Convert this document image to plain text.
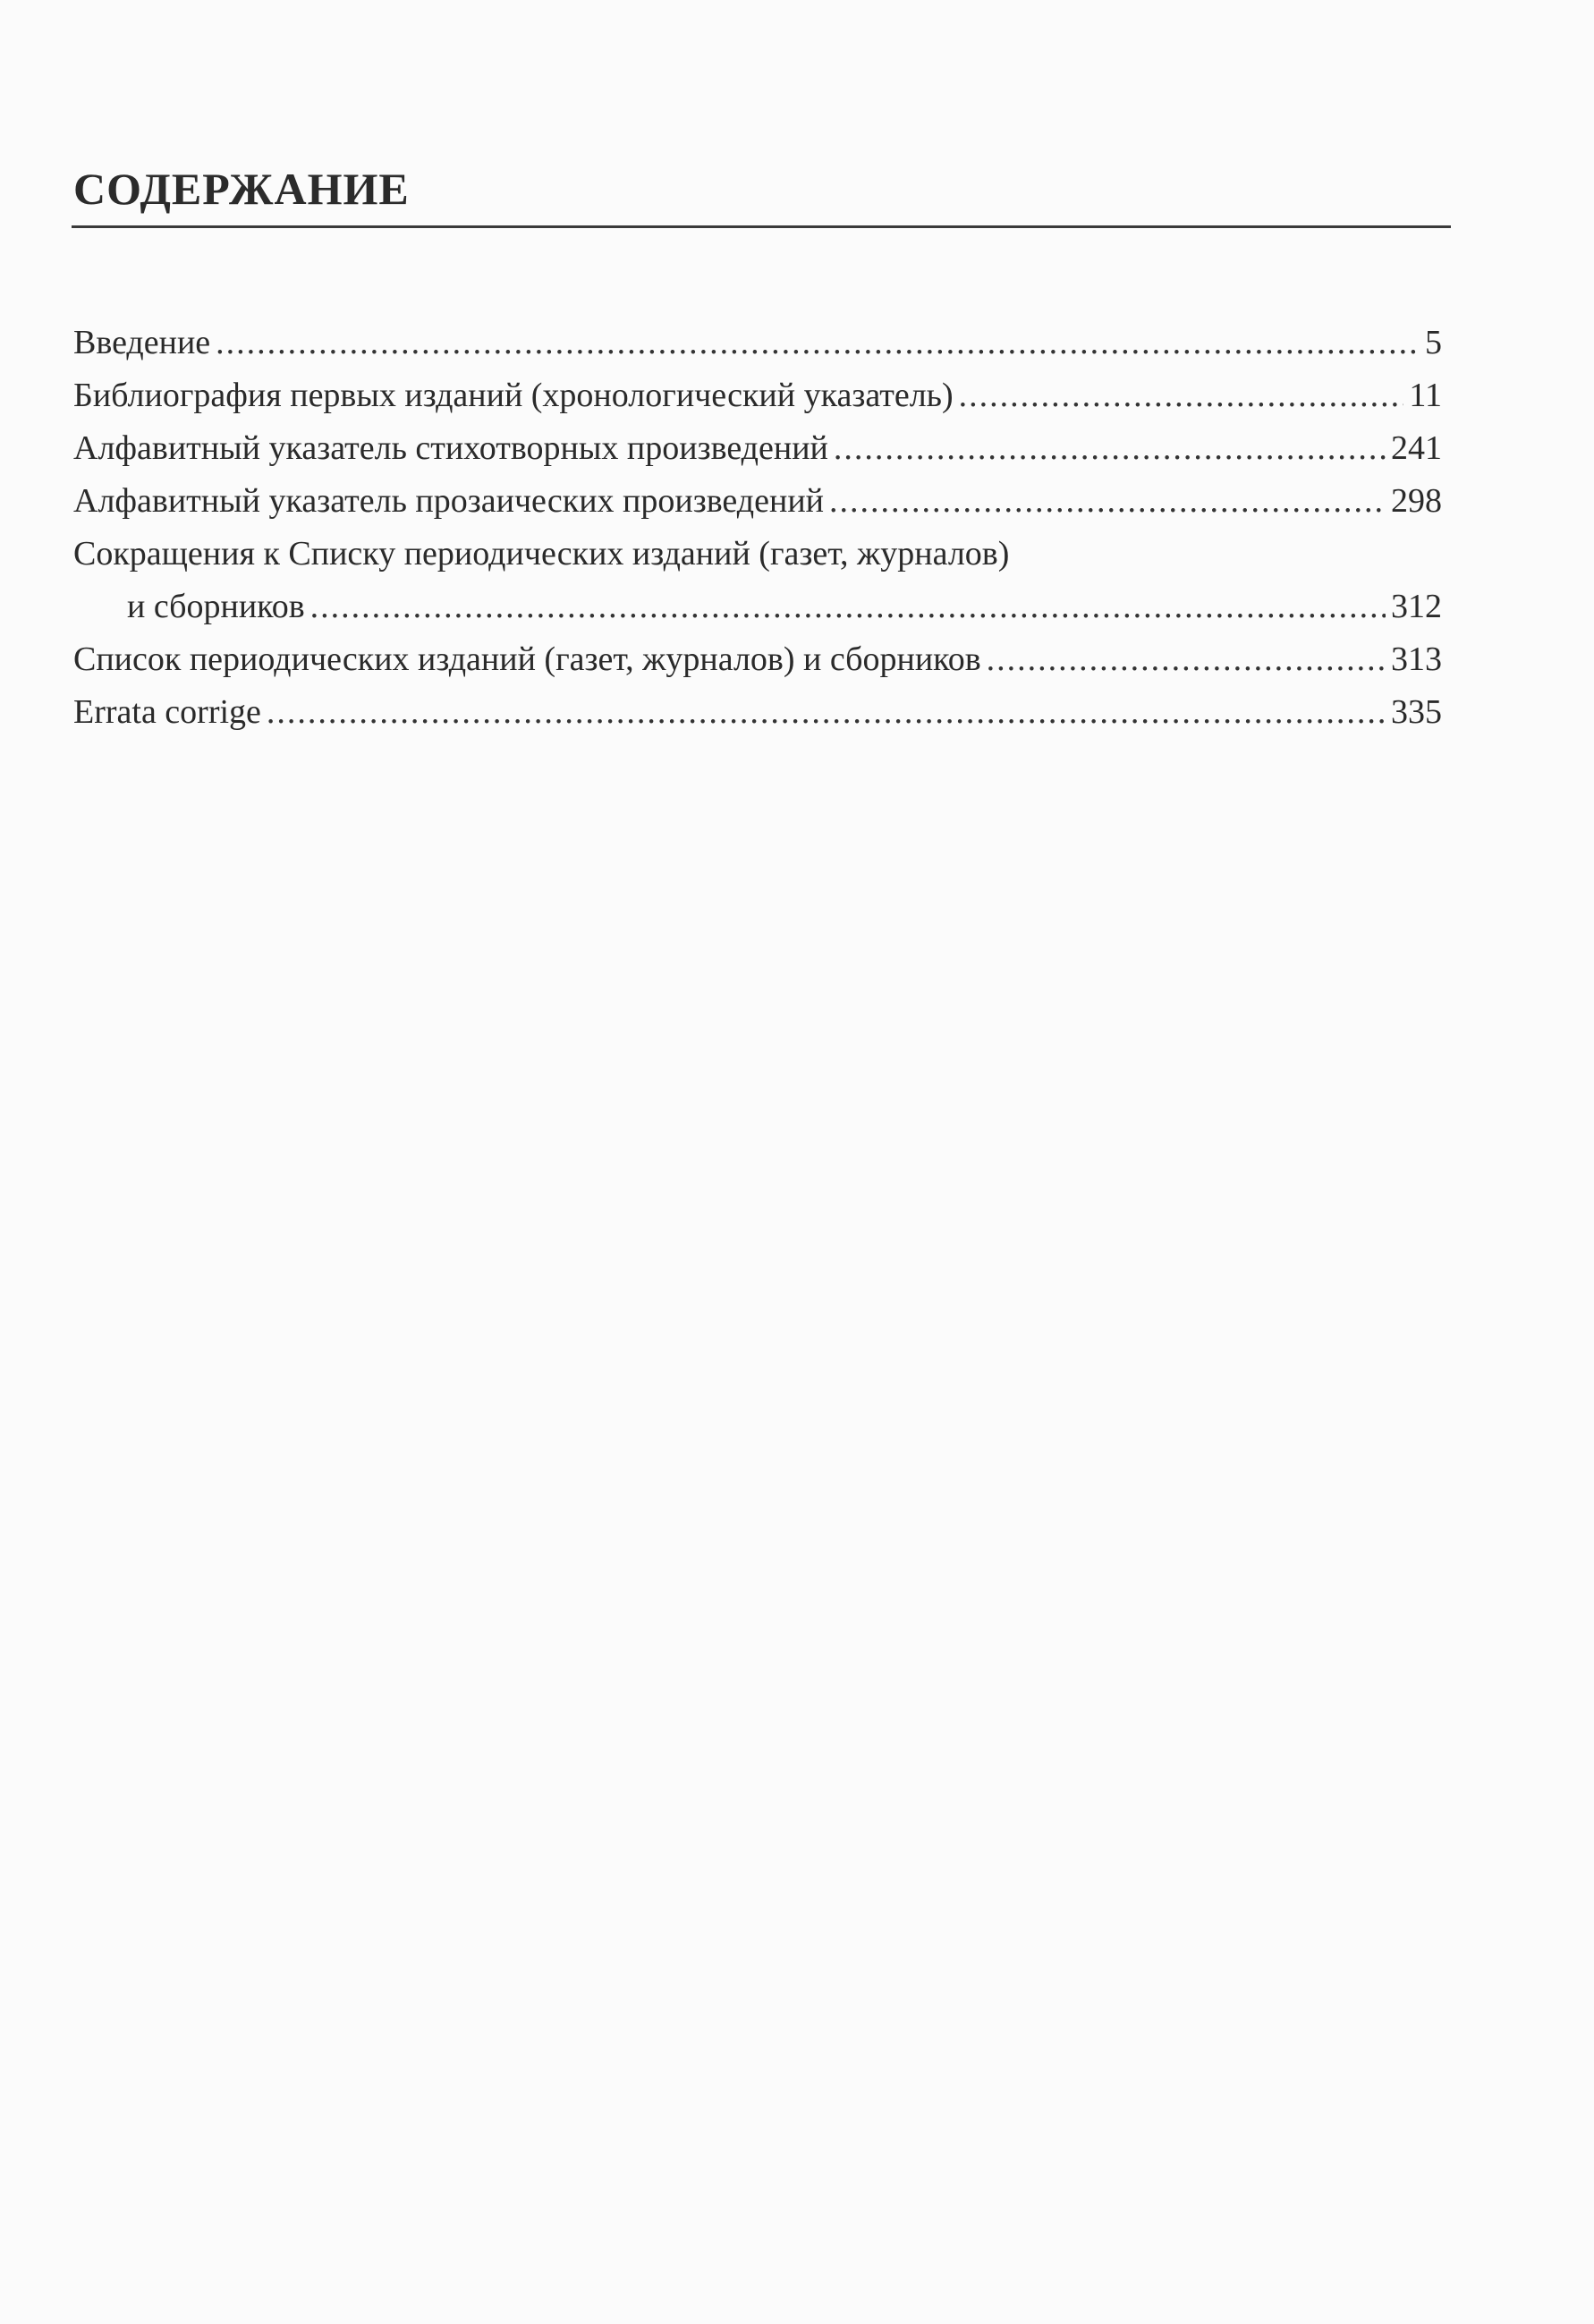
СОДЕРЖАНИЕ
Введение .....	5
Библиография первых изданий (хронологический указатель) .....	11
Алфавитный указатель стихотворных произведений .....	241
Алфавитный указатель прозаических произведений .....	298
Сокращения к Списку периодических изданий (газет, журналов)
и сборников .....	312
Список периодических изданий (газет, журналов) и сборников .....	313
Errata corrige .....	335
